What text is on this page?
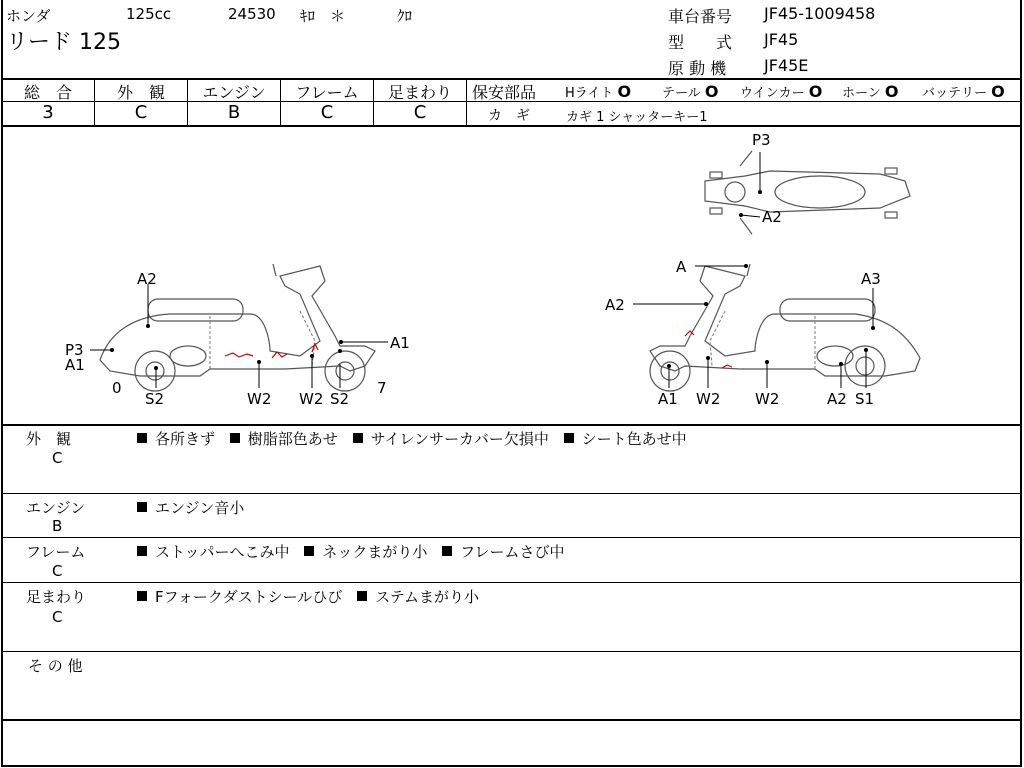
ホンダ	125cc	24530 ｷﾛ ＊	ｸﾛ
リード 125
車台番号 JF45-1009458
型　　式 JF45
原 動 機 JF45E
総　合	外　観	エンジン	フレーム	足まわり
3	C	B	C	C
保安部品 Hライト O	テール O	ウインカー O	ホーン O	バッテリー O
カ　ギ	カギ 1 シャッターキー1
A2
P3
A1
0
S2	W2 W2 S2
A1
7
A
A2
A3
A1 W2 W2	A2 S1
P3
A2
外　観
C
各所きず 樹脂部色あせ サイレンサーカバー欠損中 シート色あせ中
エンジン
B
エンジン音小
フレーム
C
ストッパーへこみ中 ネックまがり小 フレームさび中
足まわり
C
Fフォークダストシールひび ステムまがり小
そ の 他
